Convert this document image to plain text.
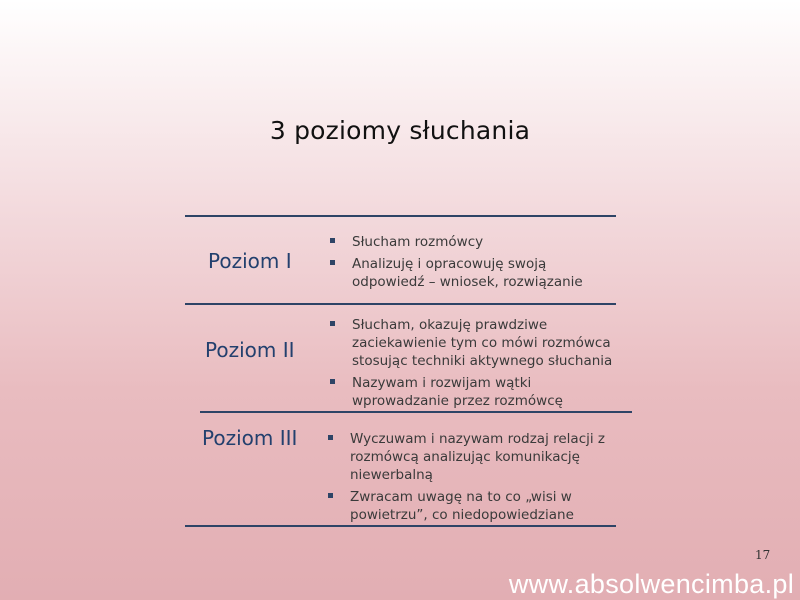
3 poziomy słuchania
Poziom I
Słucham rozmówcy
Analizuję i opracowuję swoją odpowiedź – wniosek, rozwiązanie
Poziom II
Słucham, okazuję prawdziwe zaciekawienie tym co mówi rozmówca stosując techniki aktywnego słuchania
Nazywam i rozwijam wątki wprowadzanie przez rozmówcę
Poziom III	Wyczuwam i nazywam rodzaj relacji z rozmówcą analizując komunikację niewerbalną
Zwracam uwagę na to co „wisi w powietrzu”, co niedopowiedziane
17
www.absolwencimba.pl
